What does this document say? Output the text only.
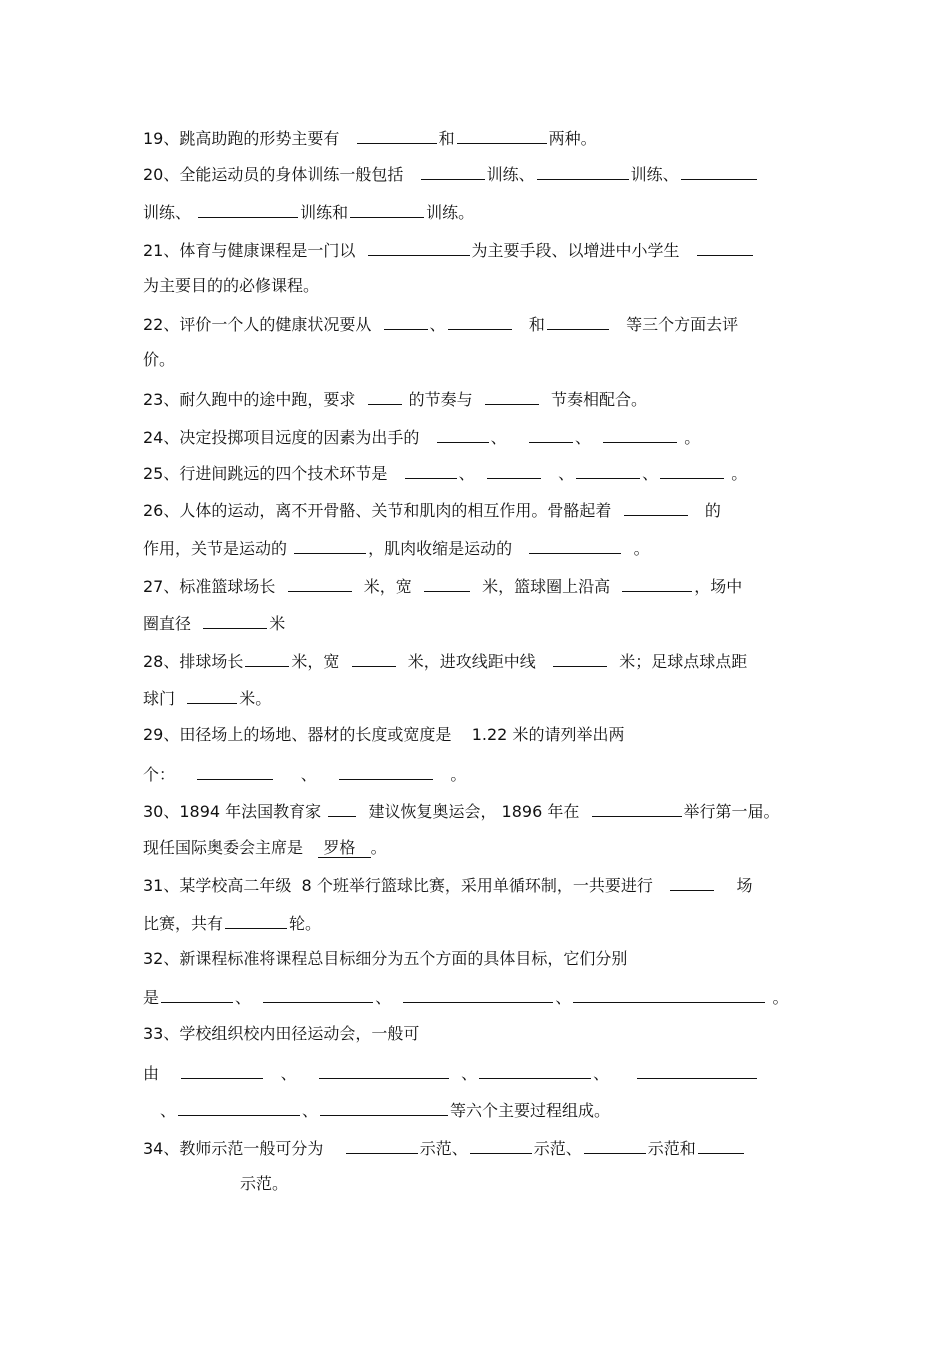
19、跳高助跑的形势主要有	和	两种。
20、全能运动员的身体训练一般包括	训练、	训练、
训练、	训练和	训练。
21、体育与健康课程是一门以	为主要手段、以增进中小学生
为主要目的的必修课程。
22、评价一个人的健康状况要从	、	和	等三个方面去评
价。
23、耐久跑中的途中跑，要求	的节奏与	节奏相配合。
24、决定投掷项目远度的因素为出手的	、	、	。
25、行进间跳远的四个技术环节是	、	、	、	。
26、人体的运动，离不开骨骼、关节和肌肉的相互作用。骨骼起着	的
作用，关节是运动的	，肌肉收缩是运动的	。
27、标准篮球场长	米，宽	米，篮球圈上沿高	，场中
圈直径	米
28、排球场长	米，宽	米，进攻线距中线	米；足球点球点距
球门	米。
29、田径场上的场地、器材的长度或宽度是 1.22 米的请列举出两
个：	、	。
30、1894 年法国教育家	建议恢复奥运会， 1896 年在	举行第一届。
现任国际奥委会主席是 罗格 。
31、某学校高二年级 8 个班举行篮球比赛，采用单循环制，一共要进行	场
比赛，共有	轮。
32、新课程标准将课程总目标细分为五个方面的具体目标，它们分别
是	、	、	、	。
33、学校组织校内田径运动会，一般可
由	、	、	、
、	、	等六个主要过程组成。
34、教师示范一般可分为	示范、	示范、	示范和
示范。
